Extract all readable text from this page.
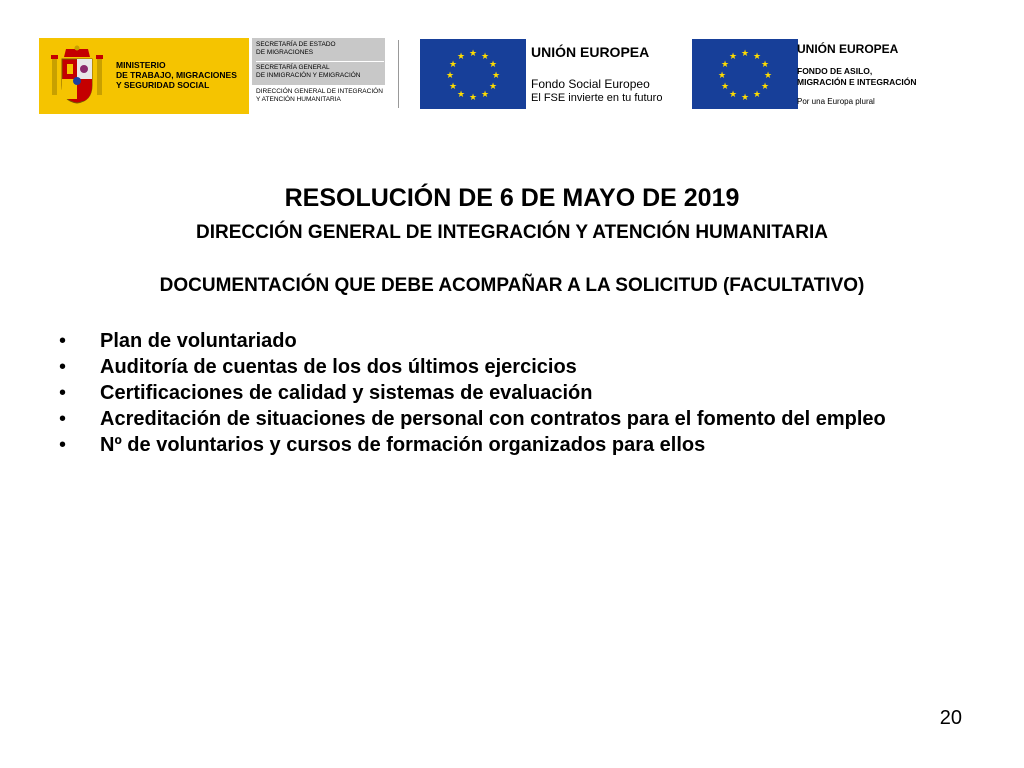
MINISTERIO
DE TRABAJO, MIGRACIONES
Y SEGURIDAD SOCIAL
SECRETARÍA DE ESTADO
DE MIGRACIONES
SECRETARÍA GENERAL
DE INMIGRACIÓN Y EMIGRACIÓN
DIRECCIÓN GENERAL DE INTEGRACIÓN
Y ATENCIÓN HUMANITARIA
★ ★
★
★
★
★
★
★
★
★
★
★	UNIÓN EUROPEA
Fondo Social Europeo
El FSE invierte en tu futuro
★ ★
★
★
★
★
★
★
★
★
★
★
UNIÓN EUROPEA
FONDO DE ASILO,
MIGRACIÓN E INTEGRACIÓN
Por una Europa plural
RESOLUCIÓN DE 6 DE MAYO DE 2019
DIRECCIÓN GENERAL DE INTEGRACIÓN Y ATENCIÓN HUMANITARIA
DOCUMENTACIÓN QUE DEBE ACOMPAÑAR A LA SOLICITUD (FACULTATIVO)
•	Plan de voluntariado
•	Auditoría de cuentas de los dos últimos ejercicios
•	Certificaciones de calidad y sistemas de evaluación
•	Acreditación de situaciones de personal con contratos para el fomento del empleo
•	Nº de voluntarios y cursos de formación organizados para ellos
20
